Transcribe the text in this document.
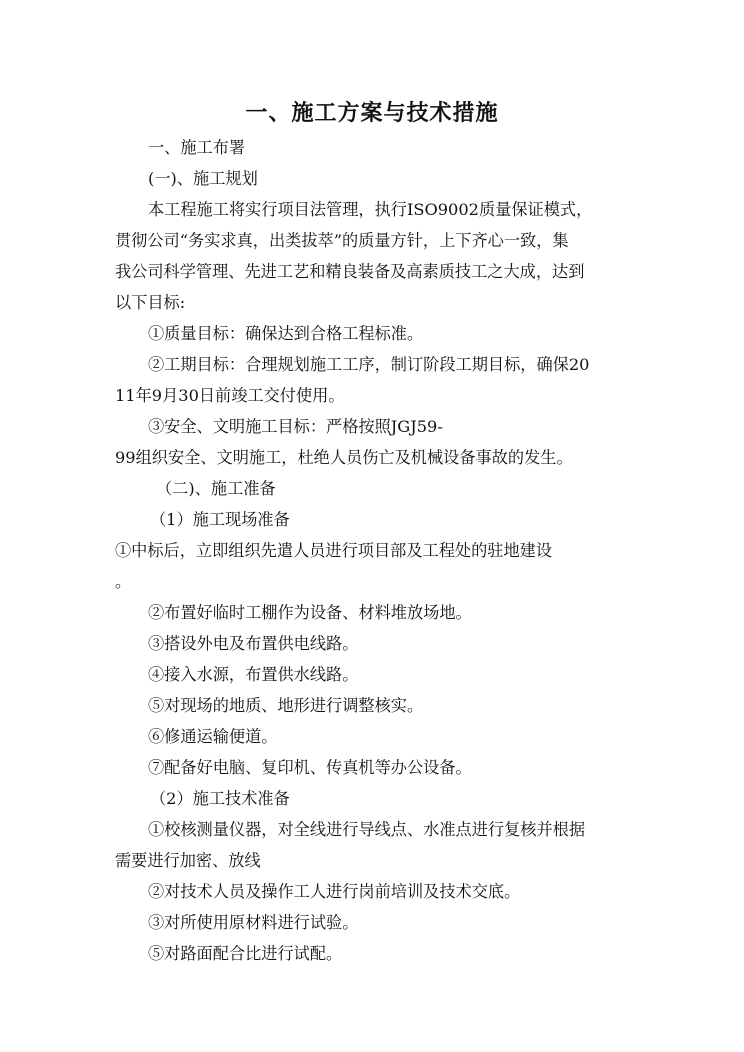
一、施工方案与技术措施
一、施工布署
(一)、施工规划
本工程施工将实行项目法管理，执行ISO9002质量保证模式，
贯彻公司“务实求真，出类拔萃”的质量方针，上下齐心一致，集
我公司科学管理、先进工艺和精良装备及高素质技工之大成，达到
以下目标:
①质量目标：确保达到合格工程标准。
②工期目标：合理规划施工工序，制订阶段工期目标，确保20
11年9月30日前竣工交付使用。
③安全、文明施工目标：严格按照JGJ59-
99组织安全、文明施工，杜绝人员伤亡及机械设备事故的发生。
（二)、施工准备
（1）施工现场准备
①中标后，立即组织先遣人员进行项目部及工程处的驻地建设
。
②布置好临时工棚作为设备、材料堆放场地。
③搭设外电及布置供电线路。
④接入水源，布置供水线路。
⑤对现场的地质、地形进行调整核实。
⑥修通运输便道。
⑦配备好电脑、复印机、传真机等办公设备。
（2）施工技术准备
①校核测量仪器，对全线进行导线点、水准点进行复核并根据
需要进行加密、放线
②对技术人员及操作工人进行岗前培训及技术交底。
③对所使用原材料进行试验。
⑤对路面配合比进行试配。
